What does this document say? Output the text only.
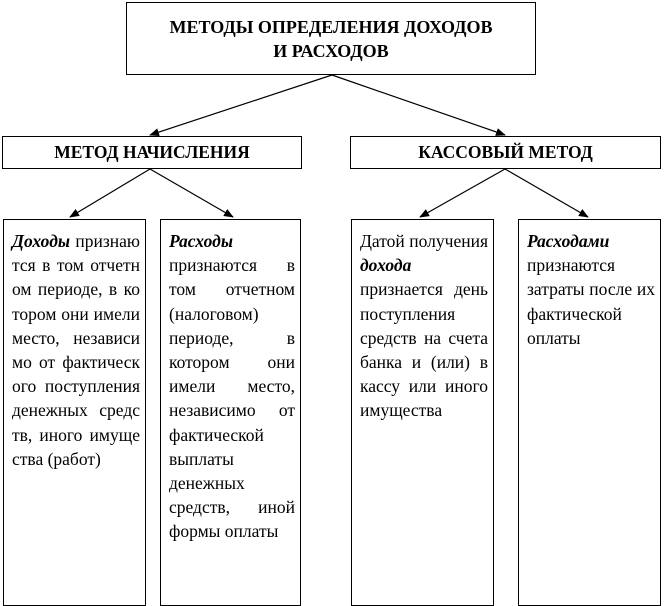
МЕТОДЫ ОПРЕДЕЛЕНИЯ ДОХОДОВ
И РАСХОДОВ
МЕТОД НАЧИСЛЕНИЯ	КАССОВЫЙ МЕТОД
Доходы признаются в том отчетном периоде, в котором они имели место, независимо от фактического поступления денежных средств, иного имущества (работ)
Расходы признаются в том отчетном (налоговом) периоде, в котором они имели место, независимо от фактической выплаты денежных средств, иной формы оплаты
Датой получения дохода признается день поступления средств на счета банка и (или) в кассу или иного имущества
Расходами признаются затраты после их фактической оплаты
